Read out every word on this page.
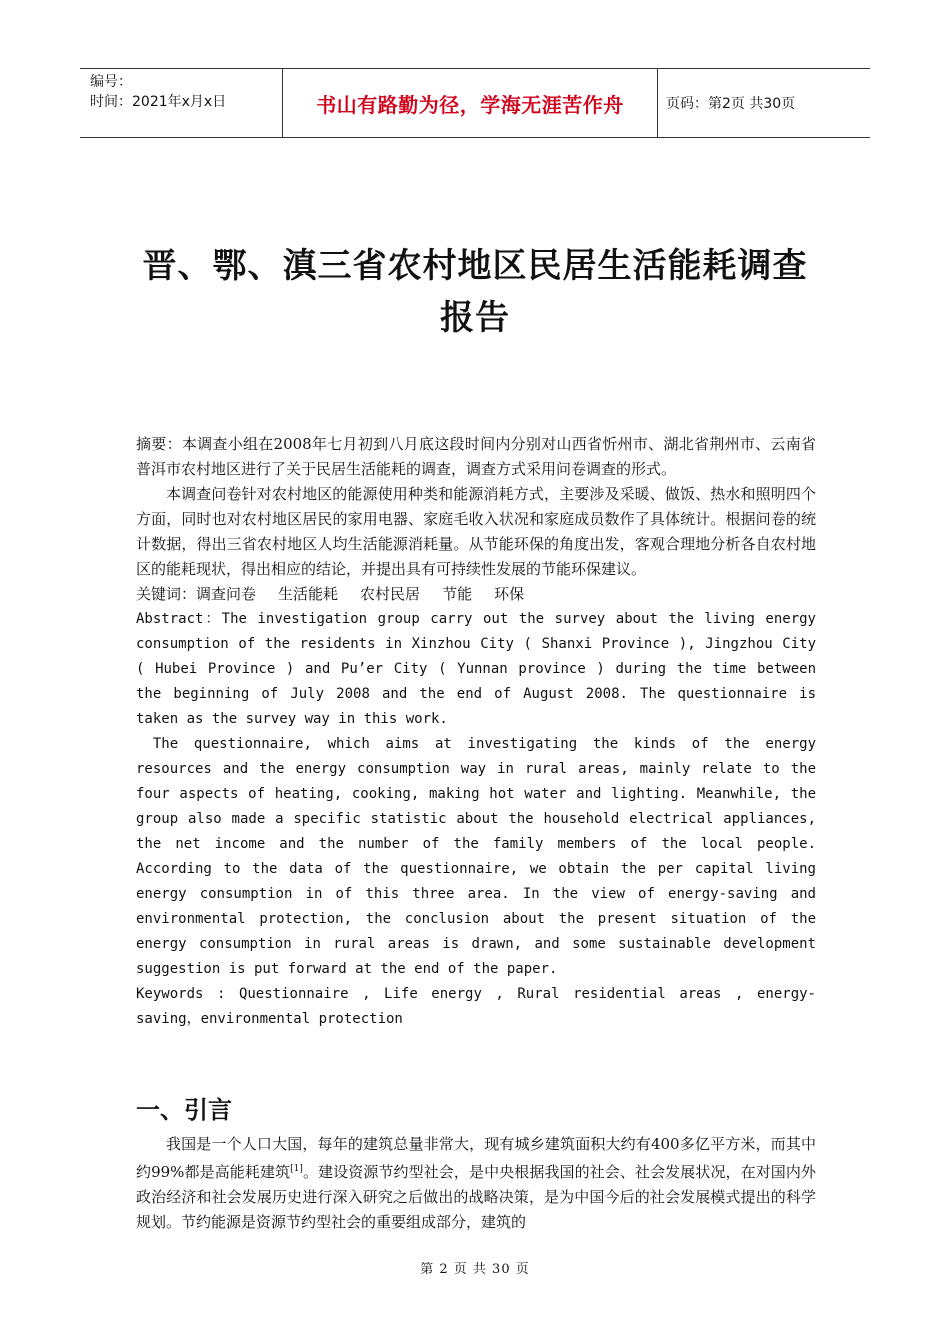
编号：
时间：2021年x月x日	书山有路勤为径，学海无涯苦作舟	页码：第2页 共30页
晋、鄂、滇三省农村地区民居生活能耗调查
报告

摘要：本调查小组在2008年七月初到八月底这段时间内分别对山西省忻州市、湖北省荆州市、云南省普洱市农村地区进行了关于民居生活能耗的调查，调查方式采用问卷调查的形式。

本调查问卷针对农村地区的能源使用种类和能源消耗方式，主要涉及采暖、做饭、热水和照明四个方面，同时也对农村地区居民的家用电器、家庭毛收入状况和家庭成员数作了具体统计。根据问卷的统计数据，得出三省农村地区人均生活能源消耗量。从节能环保的角度出发，客观合理地分析各自农村地区的能耗现状，得出相应的结论，并提出具有可持续性发展的节能环保建议。

关键词：调查问卷 生活能耗 农村民居 节能 环保

Abstract：The investigation group carry out the survey about the living energy consumption of the residents in Xinzhou City ( Shanxi Province ), Jingzhou City ( Hubei Province ) and Pu’er City ( Yunnan province ) during the time between the beginning of July 2008 and the end of August 2008. The questionnaire is taken as the survey way in this work.

The questionnaire, which aims at investigating the kinds of the energy resources and the energy consumption way in rural areas, mainly relate to the four aspects of heating, cooking, making hot water and lighting. Meanwhile, the group also made a specific statistic about the household electrical appliances, the net income and the number of the family members of the local people. According to the data of the questionnaire, we obtain the per capital living energy consumption in of this three area. In the view of energy-saving and environmental protection, the conclusion about the present situation of the energy consumption in rural areas is drawn, and some sustainable development suggestion is put forward at the end of the paper.

Keywords : Questionnaire , Life energy , Rural residential areas , energy-saving，environmental protection

一、引言

我国是一个人口大国，每年的建筑总量非常大，现有城乡建筑面积大约有400多亿平方米，而其中约99%都是高能耗建筑[1]。建设资源节约型社会，是中央根据我国的社会、社会发展状况，在对国内外政治经济和社会发展历史进行深入研究之后做出的战略决策，是为中国今后的社会发展模式提出的科学规划。节约能源是资源节约型社会的重要组成部分，建筑的

第 2 页 共 30 页
